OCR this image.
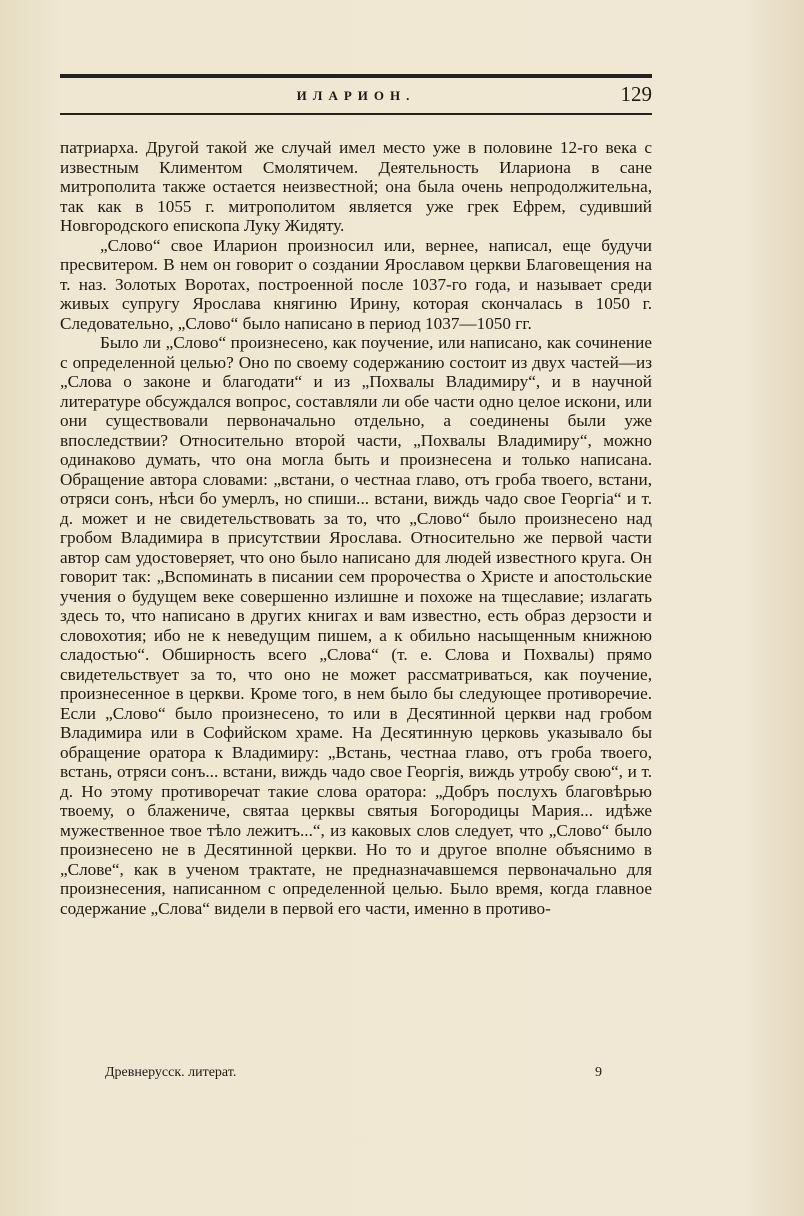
ИЛАРИОН.	129

патриарха. Другой такой же случай имел место уже в половине 12-го века с известным Климентом Смолятичем. Деятельность Илариона в сане митрополита также остается неизвестной; она была очень непродолжительна, так как в 1055 г. митрополитом является уже грек Ефрем, судивший Новгородского епископа Луку Жидяту.

„Слово“ свое Иларион произносил или, вернее, написал, еще будучи пресвитером. В нем он говорит о создании Ярославом церкви Благовещения на т. наз. Золотых Воротах, построенной после 1037-го года, и называет среди живых супругу Ярослава княгиню Ирину, которая скончалась в 1050 г. Следовательно, „Слово“ было написано в период 1037—1050 гг.

Было ли „Слово“ произнесено, как поучение, или написано, как сочинение с определенной целью? Оно по своему содержанию состоит из двух частей—из „Слова о законе и благодати“ и из „Похвалы Владимиру“, и в научной литературе обсуждался вопрос, составляли ли обе части одно целое искони, или они существовали первоначально отдельно, а соединены были уже впоследствии? Относительно второй части, „Похвалы Владимиру“, можно одинаково думать, что она могла быть и произнесена и только написана. Обращение автора словами: „встани, о честнаа главо, отъ гроба твоего, встани, отряси сонъ, нѣси бо умерлъ, но спиши... встани, виждь чадо свое Георгіа“ и т. д. может и не свидетельствовать за то, что „Слово“ было произнесено над гробом Владимира в присутствии Ярослава. Относительно же первой части автор сам удостоверяет, что оно было написано для людей известного круга. Он говорит так: „Вспоминать в писании сем пророчества о Христе и апостольские учения о будущем веке совершенно излишне и похоже на тщеславие; излагать здесь то, что написано в других книгах и вам известно, есть образ дерзости и словохотия; ибо не к неведущим пишем, а к обильно насыщенным книжною сладостью“. Обширность всего „Слова“ (т. е. Слова и Похвалы) прямо свидетельствует за то, что оно не может рассматриваться, как поучение, произнесенное в церкви. Кроме того, в нем было бы следующее противоречие. Если „Слово“ было произнесено, то или в Десятинной церкви над гробом Владимира или в Софийском храме. На Десятинную церковь указывало бы обращение оратора к Владимиру: „Встань, честнаа главо, отъ гроба твоего, встань, отряси сонъ... встани, виждь чадо свое Георгія, виждь утробу свою“, и т. д. Но этому противоречат такие слова оратора: „Добръ послухъ благовѣрью твоему, о блажениче, святаа церквы святыя Богородицы Мария... идѣже мужественное твое тѣло лежитъ...“, из каковых слов следует, что „Слово“ было произнесено не в Десятинной церкви. Но то и другое вполне объяснимо в „Слове“, как в ученом трактате, не предназначавшемся первоначально для произнесения, написанном с определенной целью. Было время, когда главное содержание „Слова“ видели в первой его части, именно в противо-

Древнерусск. литерат.	9
